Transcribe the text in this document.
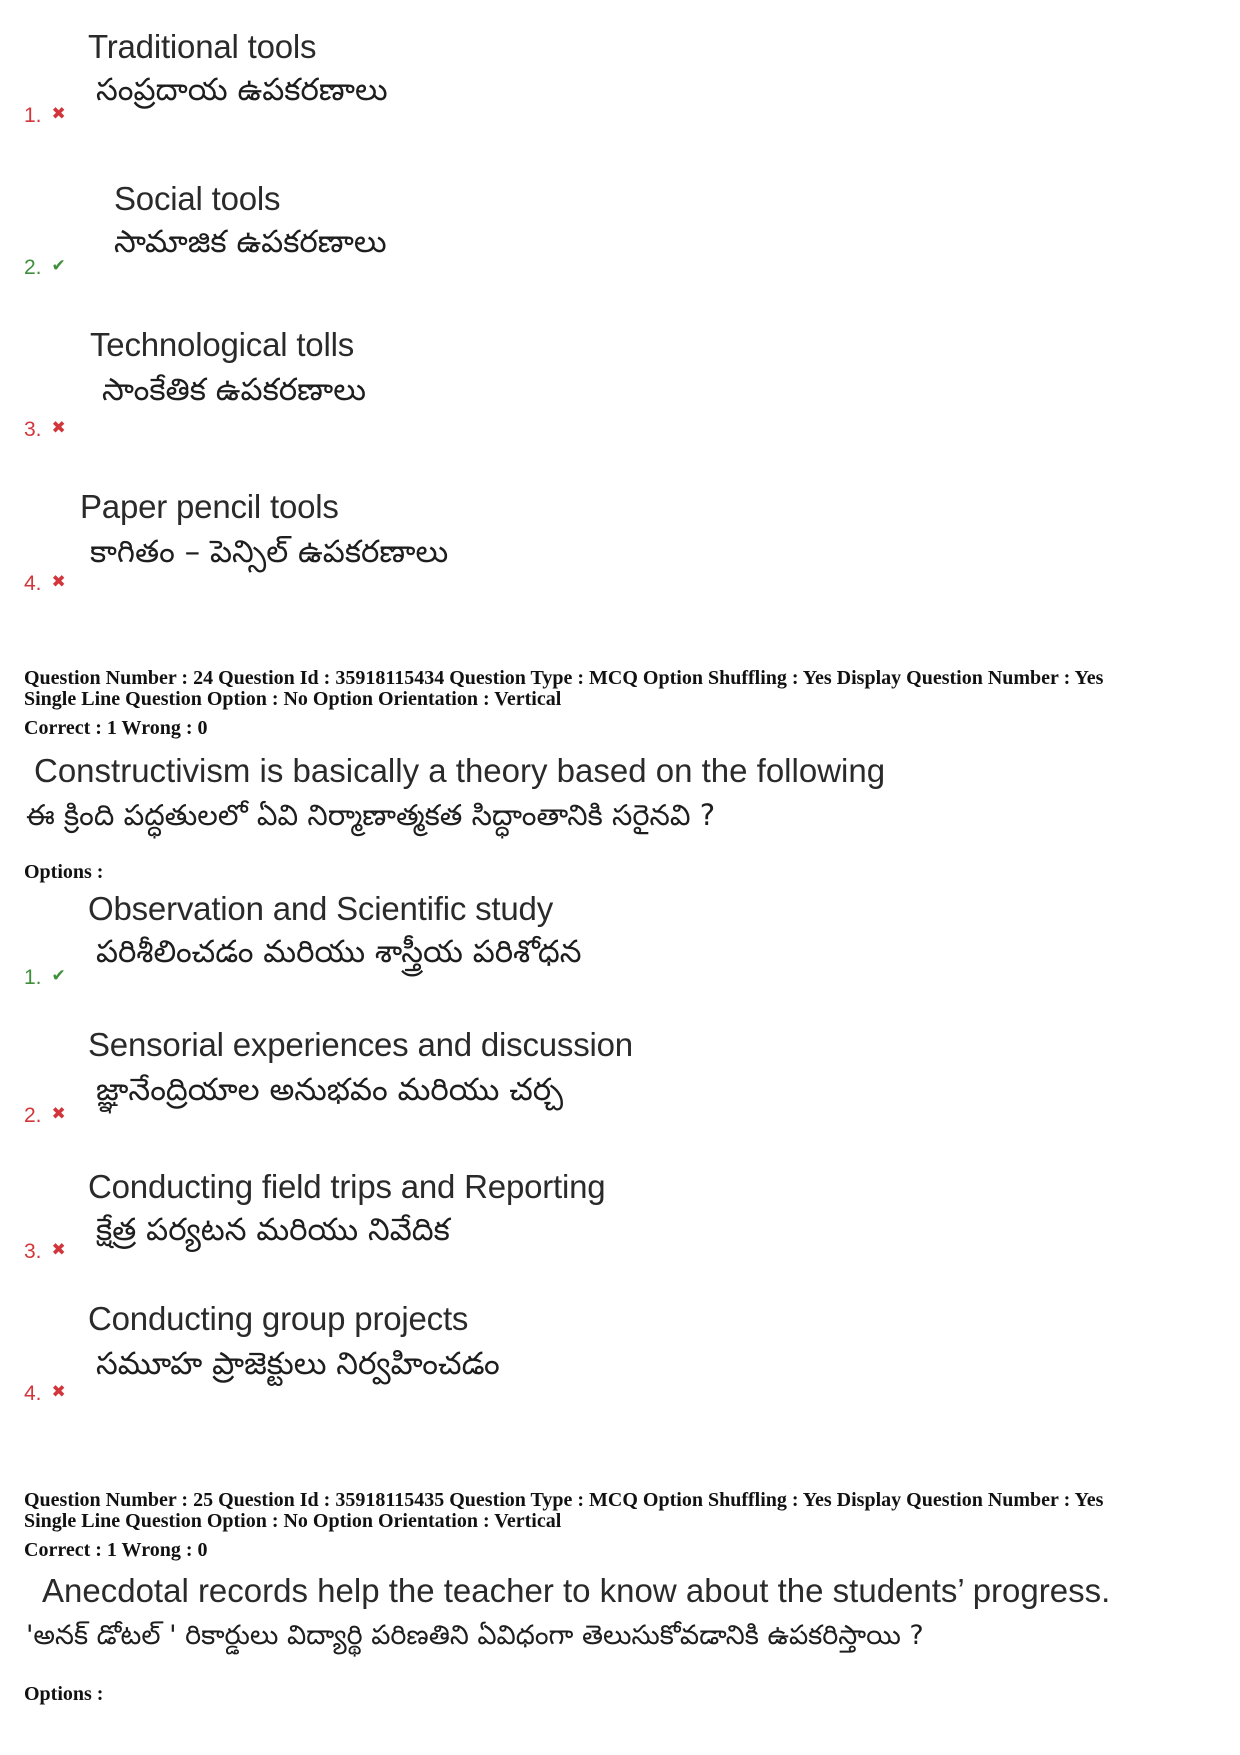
Traditional tools
సంప్రదాయ ఉపకరణాలు
1. ✖
Social tools
సామాజిక ఉపకరణాలు
2. ✔
Technological tolls
సాంకేతిక ఉపకరణాలు
3. ✖
Paper pencil tools
కాగితం – పెన్సిల్ ఉపకరణాలు
4. ✖
Question Number : 24 Question Id : 35918115434 Question Type : MCQ Option Shuffling : Yes Display Question Number : Yes
Single Line Question Option : No Option Orientation : Vertical
Correct : 1 Wrong : 0
Constructivism is basically a theory based on the following
ఈ క్రింది పద్ధతులలో ఏవి నిర్మాణాత్మకత సిద్ధాంతానికి సరైనవి ?
Options :
Observation and Scientific study
పరిశీలించడం మరియు శాస్త్రీయ పరిశోధన
1. ✔
Sensorial experiences and discussion
జ్ఞానేంద్రియాల అనుభవం మరియు చర్చ
2. ✖
Conducting field trips and Reporting
క్షేత్ర పర్యటన మరియు నివేదిక
3. ✖
Conducting group projects
సమూహ ప్రాజెక్టులు నిర్వహించడం
4. ✖
Question Number : 25 Question Id : 35918115435 Question Type : MCQ Option Shuffling : Yes Display Question Number : Yes
Single Line Question Option : No Option Orientation : Vertical
Correct : 1 Wrong : 0
Anecdotal records help the teacher to know about the students’ progress.
'అనక్ డోటల్ ' రికార్డులు విద్యార్థి పరిణతిని ఏవిధంగా తెలుసుకోవడానికి ఉపకరిస్తాయి ?
Options :
